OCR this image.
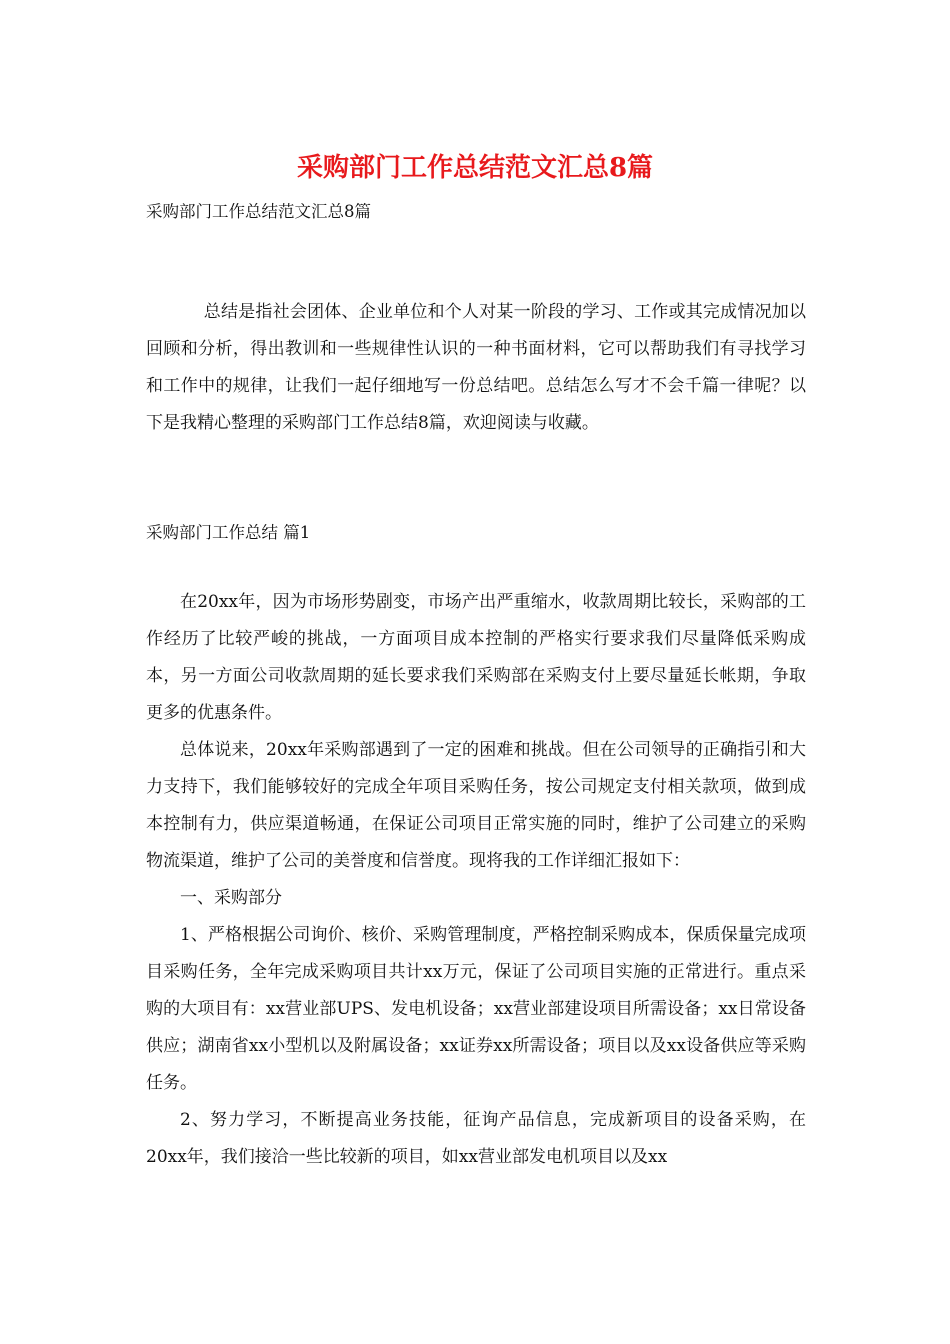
采购部门工作总结范文汇总8篇
采购部门工作总结范文汇总8篇

总结是指社会团体、企业单位和个人对某一阶段的学习、工作或其完成情况加以回顾和分析，得出教训和一些规律性认识的一种书面材料，它可以帮助我们有寻找学习和工作中的规律，让我们一起仔细地写一份总结吧。总结怎么写才不会千篇一律呢？以下是我精心整理的采购部门工作总结8篇，欢迎阅读与收藏。

采购部门工作总结 篇1

在20xx年，因为市场形势剧变，市场产出严重缩水，收款周期比较长，采购部的工作经历了比较严峻的挑战，一方面项目成本控制的严格实行要求我们尽量降低采购成本，另一方面公司收款周期的延长要求我们采购部在采购支付上要尽量延长帐期，争取更多的优惠条件。

总体说来，20xx年采购部遇到了一定的困难和挑战。但在公司领导的正确指引和大力支持下，我们能够较好的完成全年项目采购任务，按公司规定支付相关款项，做到成本控制有力，供应渠道畅通，在保证公司项目正常实施的同时，维护了公司建立的采购物流渠道，维护了公司的美誉度和信誉度。现将我的工作详细汇报如下：

一、采购部分

1、严格根据公司询价、核价、采购管理制度，严格控制采购成本，保质保量完成项目采购任务，全年完成采购项目共计xx万元，保证了公司项目实施的正常进行。重点采购的大项目有：xx营业部UPS、发电机设备；xx营业部建设项目所需设备；xx日常设备供应；湖南省xx小型机以及附属设备；xx证券xx所需设备；项目以及xx设备供应等采购任务。

2、努力学习，不断提高业务技能，征询产品信息，完成新项目的设备采购，在20xx年，我们接洽一些比较新的项目，如xx营业部发电机项目以及xx
